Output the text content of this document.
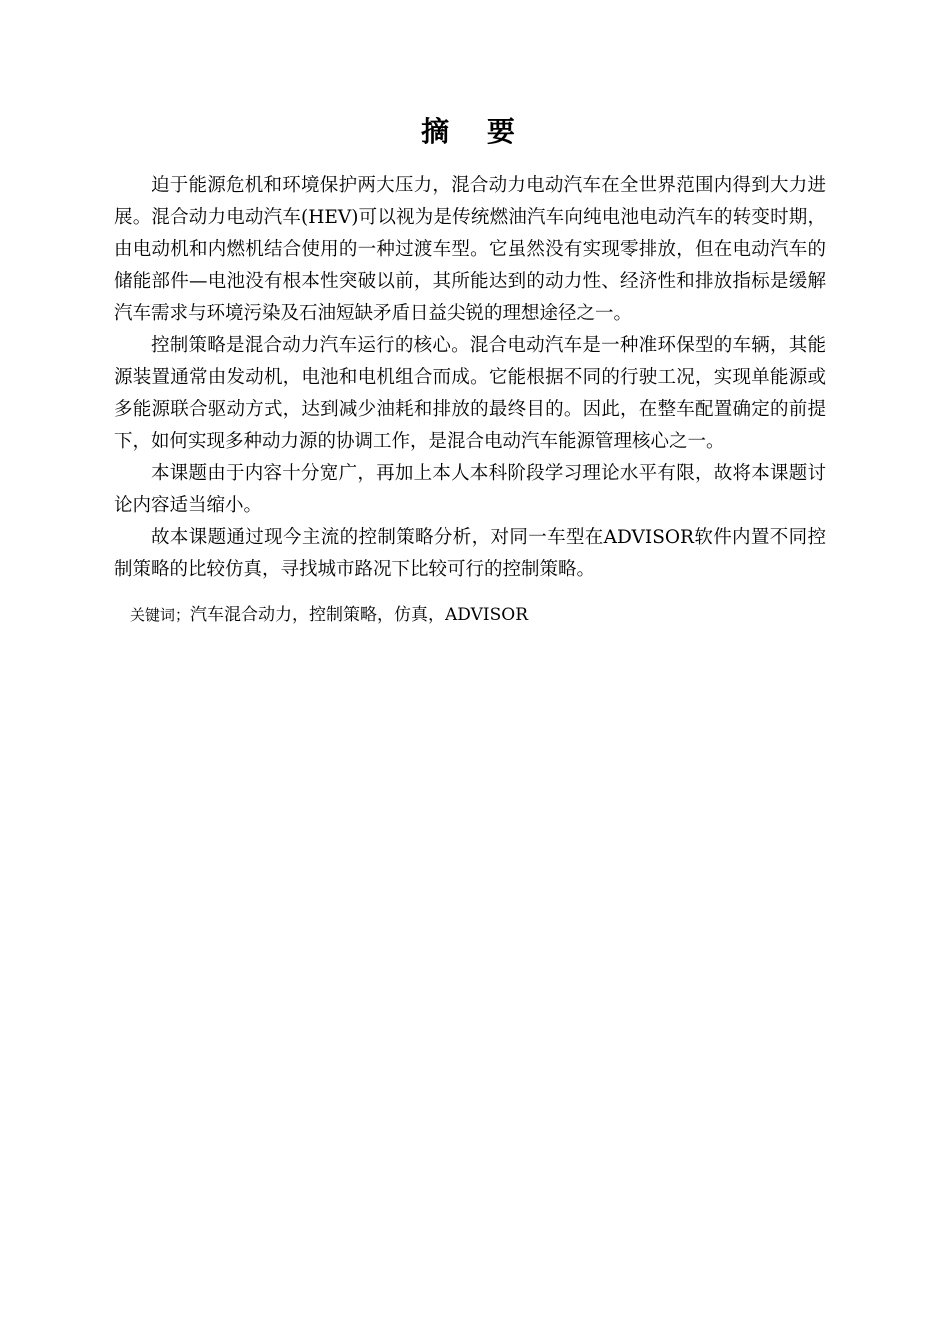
摘 要

迫于能源危机和环境保护两大压力，混合动力电动汽车在全世界范围内得到大力进展。混合动力电动汽车(HEV)可以视为是传统燃油汽车向纯电池电动汽车的转变时期，由电动机和内燃机结合使用的一种过渡车型。它虽然没有实现零排放，但在电动汽车的储能部件—电池没有根本性突破以前，其所能达到的动力性、经济性和排放指标是缓解汽车需求与环境污染及石油短缺矛盾日益尖锐的理想途径之一。

控制策略是混合动力汽车运行的核心。混合电动汽车是一种准环保型的车辆，其能源装置通常由发动机，电池和电机组合而成。它能根据不同的行驶工况，实现单能源或多能源联合驱动方式，达到减少油耗和排放的最终目的。因此，在整车配置确定的前提下，如何实现多种动力源的协调工作，是混合电动汽车能源管理核心之一。

本课题由于内容十分宽广，再加上本人本科阶段学习理论水平有限，故将本课题讨论内容适当缩小。

故本课题通过现今主流的控制策略分析，对同一车型在ADVISOR软件内置不同控制策略的比较仿真，寻找城市路况下比较可行的控制策略。

关键词；汽车混合动力，控制策略，仿真，ADVISOR
